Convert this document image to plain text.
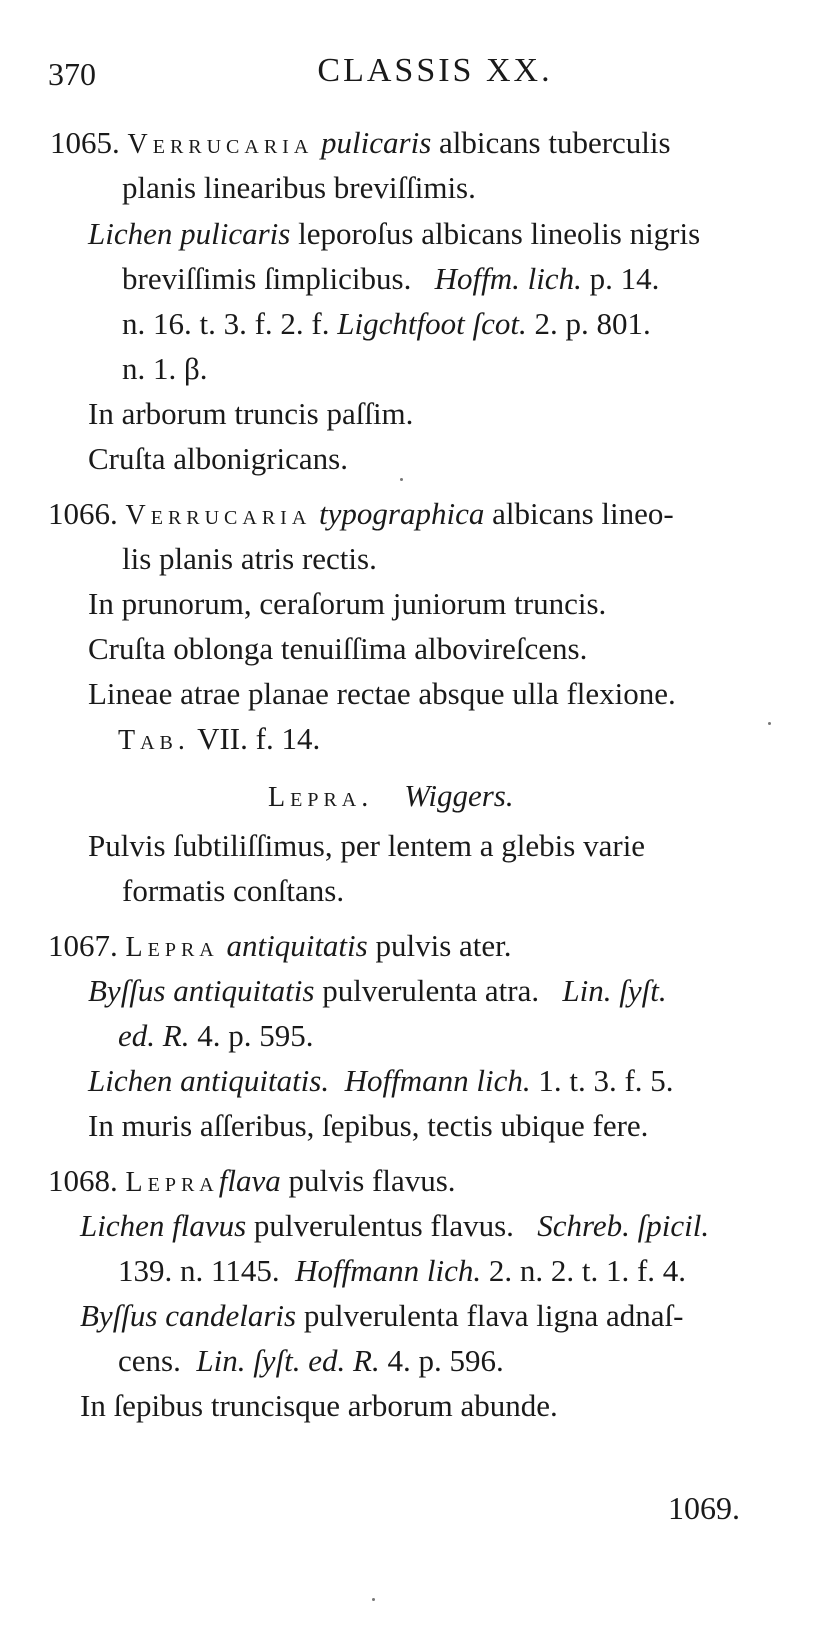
370	CLASSIS XX.
1065. Verrucaria pulicaris albicans tuberculis
planis linearibus breviſſimis.
Lichen pulicaris leporoſus albicans lineolis nigris
breviſſimis ſimplicibus. Hoffm. lich. p. 14.
n. 16. t. 3. f. 2. f. Ligchtfoot ſcot. 2. p. 801.
n. 1. β.
In arborum truncis paſſim.
Cruſta albonigricans.
1066. Verrucaria typographica albicans lineo-
lis planis atris rectis.
In prunorum, ceraſorum juniorum truncis.
Cruſta oblonga tenuiſſima albovireſcens.
Lineae atrae planae rectae absque ulla flexione.
Tab. VII. f. 14.
Lepra. Wiggers.
Pulvis ſubtiliſſimus, per lentem a glebis varie
formatis conſtans.
1067. Lepra antiquitatis pulvis ater.
Byſſus antiquitatis pulverulenta atra. Lin. ſyſt.
ed. R. 4. p. 595.
Lichen antiquitatis. Hoffmann lich. 1. t. 3. f. 5.
In muris aſſeribus, ſepibus, tectis ubique fere.
1068. Lepraflava pulvis flavus.
Lichen flavus pulverulentus flavus. Schreb. ſpicil.
139. n. 1145. Hoffmann lich. 2. n. 2. t. 1. f. 4.
Byſſus candelaris pulverulenta flava ligna adnaſ-
cens. Lin. ſyſt. ed. R. 4. p. 596.
In ſepibus truncisque arborum abunde.
1069.
